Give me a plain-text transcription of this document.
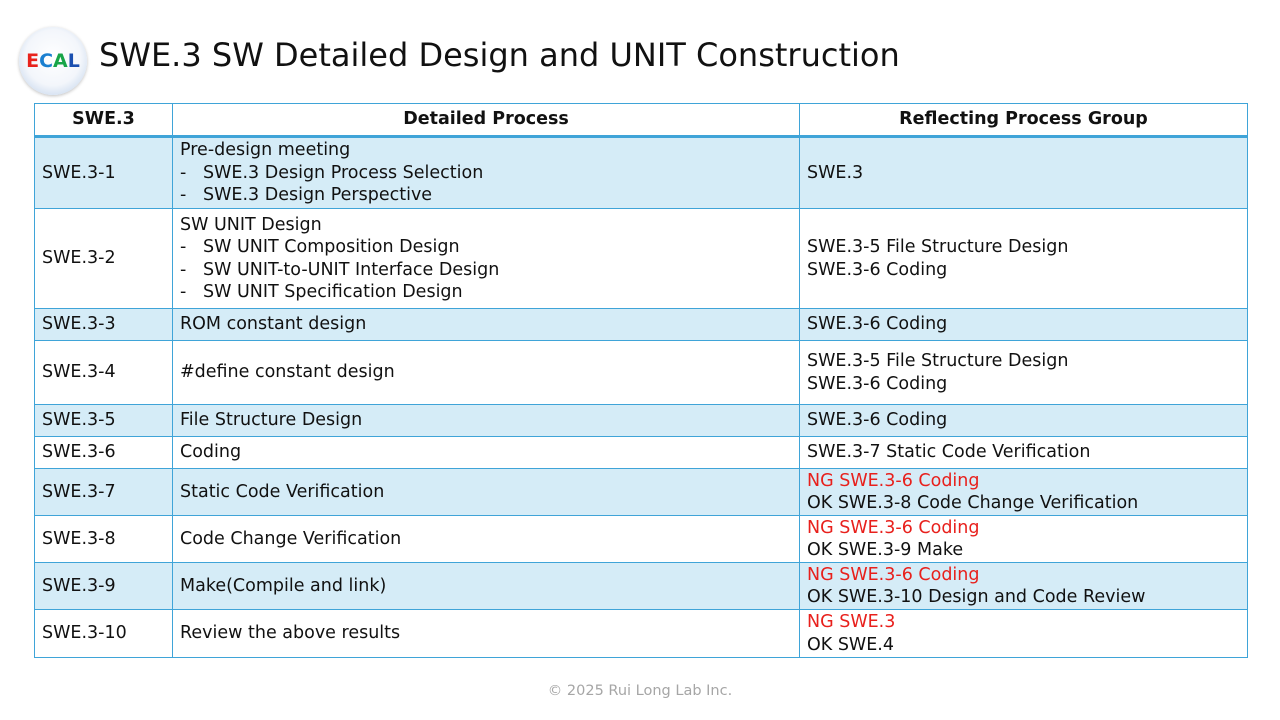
ECAL SWE.3 SW Detailed Design and UNIT Construction
SWE.3	Detailed Process	Reflecting Process Group
SWE.3-1	Pre-design meeting
-   SWE.3 Design Process Selection
-   SWE.3 Design Perspective	SWE.3

SWE.3-2	SW UNIT Design
-   SW UNIT Composition Design
-   SW UNIT-to-UNIT Interface Design
-   SW UNIT Specification Design	SWE.3-5 File Structure Design
SWE.3-6 Coding

SWE.3-3	ROM constant design	SWE.3-6 Coding

SWE.3-4	#define constant design	SWE.3-5 File Structure Design
SWE.3-6 Coding

SWE.3-5	File Structure Design	SWE.3-6 Coding

SWE.3-6	Coding	SWE.3-7 Static Code Verification

SWE.3-7	Static Code Verification	NG SWE.3-6 Coding
OK SWE.3-8 Code Change Verification

SWE.3-8	Code Change Verification	NG SWE.3-6 Coding
OK SWE.3-9 Make

SWE.3-9	Make(Compile and link)	NG SWE.3-6 Coding
OK SWE.3-10 Design and Code Review

SWE.3-10	Review the above results	NG SWE.3
OK SWE.4
© 2025 Rui Long Lab Inc.
